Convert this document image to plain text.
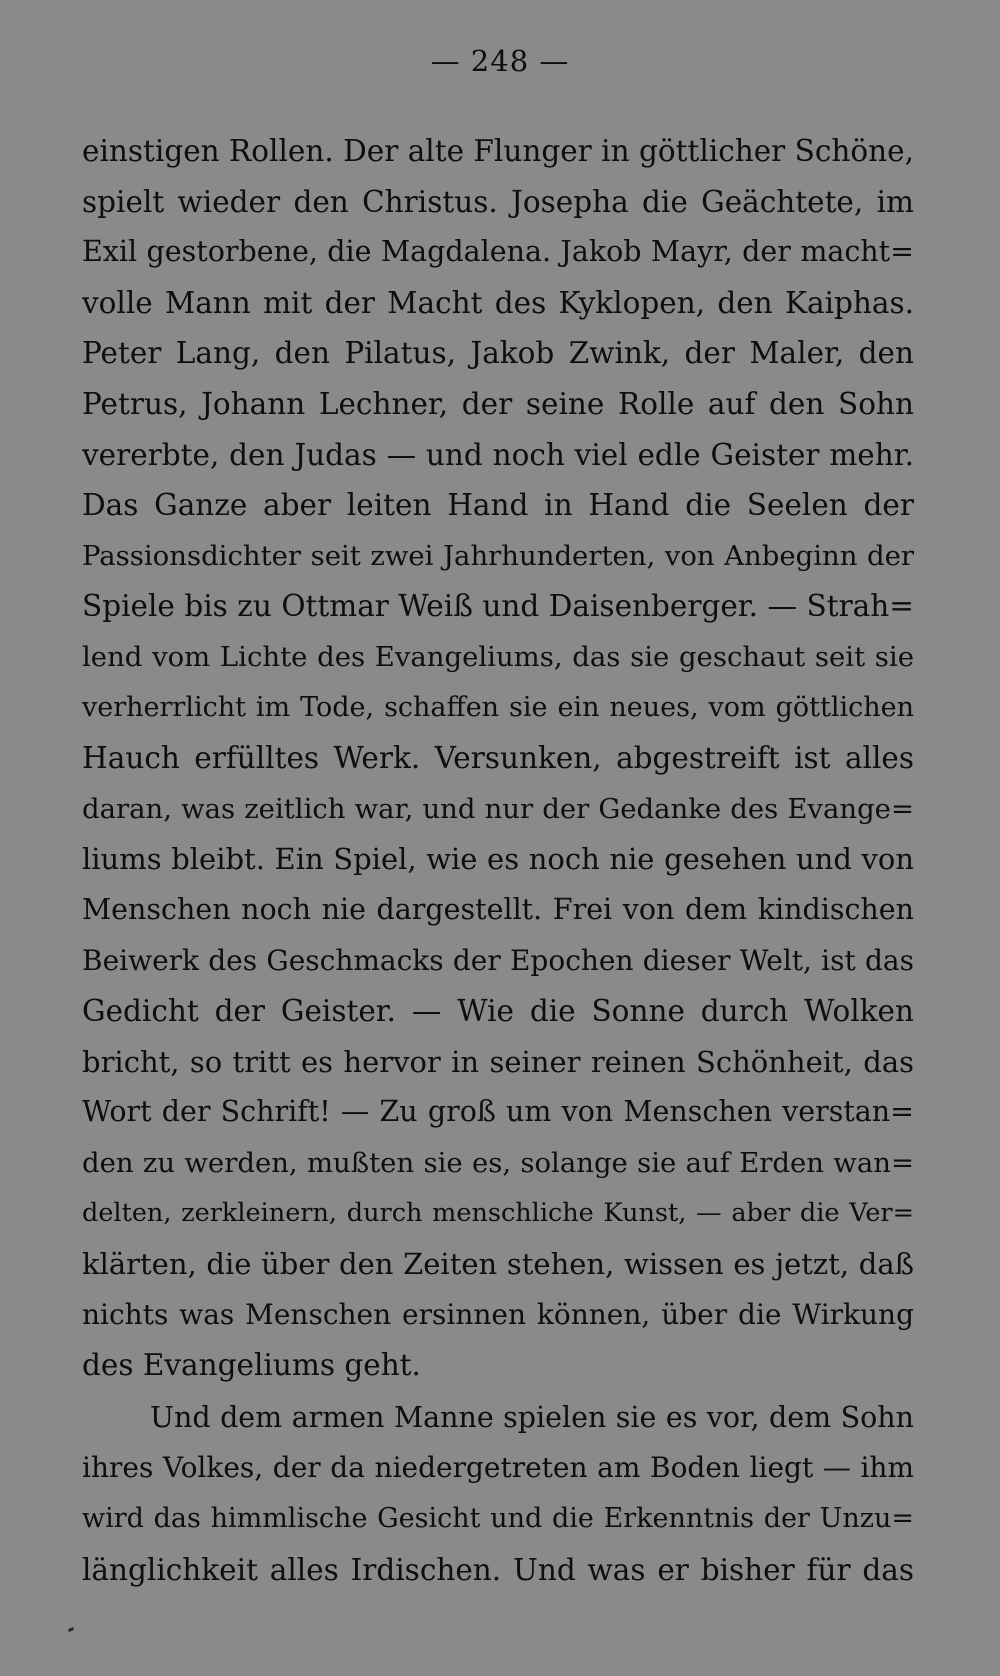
— 248 —
einstigen Rollen. Der alte Flunger in göttlicher Schöne,
spielt wieder den Christus. Josepha die Geächtete, im
Exil gestorbene, die Magdalena. Jakob Mayr, der macht=
volle Mann mit der Macht des Kyklopen, den Kaiphas.
Peter Lang, den Pilatus, Jakob Zwink, der Maler, den
Petrus, Johann Lechner, der seine Rolle auf den Sohn
vererbte, den Judas — und noch viel edle Geister mehr.
Das Ganze aber leiten Hand in Hand die Seelen der
Passionsdichter seit zwei Jahrhunderten, von Anbeginn der
Spiele bis zu Ottmar Weiß und Daisenberger. — Strah=
lend vom Lichte des Evangeliums, das sie geschaut seit sie
verherrlicht im Tode, schaffen sie ein neues, vom göttlichen
Hauch erfülltes Werk. Versunken, abgestreift ist alles
daran, was zeitlich war, und nur der Gedanke des Evange=
liums bleibt. Ein Spiel, wie es noch nie gesehen und von
Menschen noch nie dargestellt. Frei von dem kindischen
Beiwerk des Geschmacks der Epochen dieser Welt, ist das
Gedicht der Geister. — Wie die Sonne durch Wolken
bricht, so tritt es hervor in seiner reinen Schönheit, das
Wort der Schrift! — Zu groß um von Menschen verstan=
den zu werden, mußten sie es, solange sie auf Erden wan=
delten, zerkleinern, durch menschliche Kunst, — aber die Ver=
klärten, die über den Zeiten stehen, wissen es jetzt, daß
nichts was Menschen ersinnen können, über die Wirkung
des Evangeliums geht.
Und dem armen Manne spielen sie es vor, dem Sohn
ihres Volkes, der da niedergetreten am Boden liegt — ihm
wird das himmlische Gesicht und die Erkenntnis der Unzu=
länglichkeit alles Irdischen. Und was er bisher für das
